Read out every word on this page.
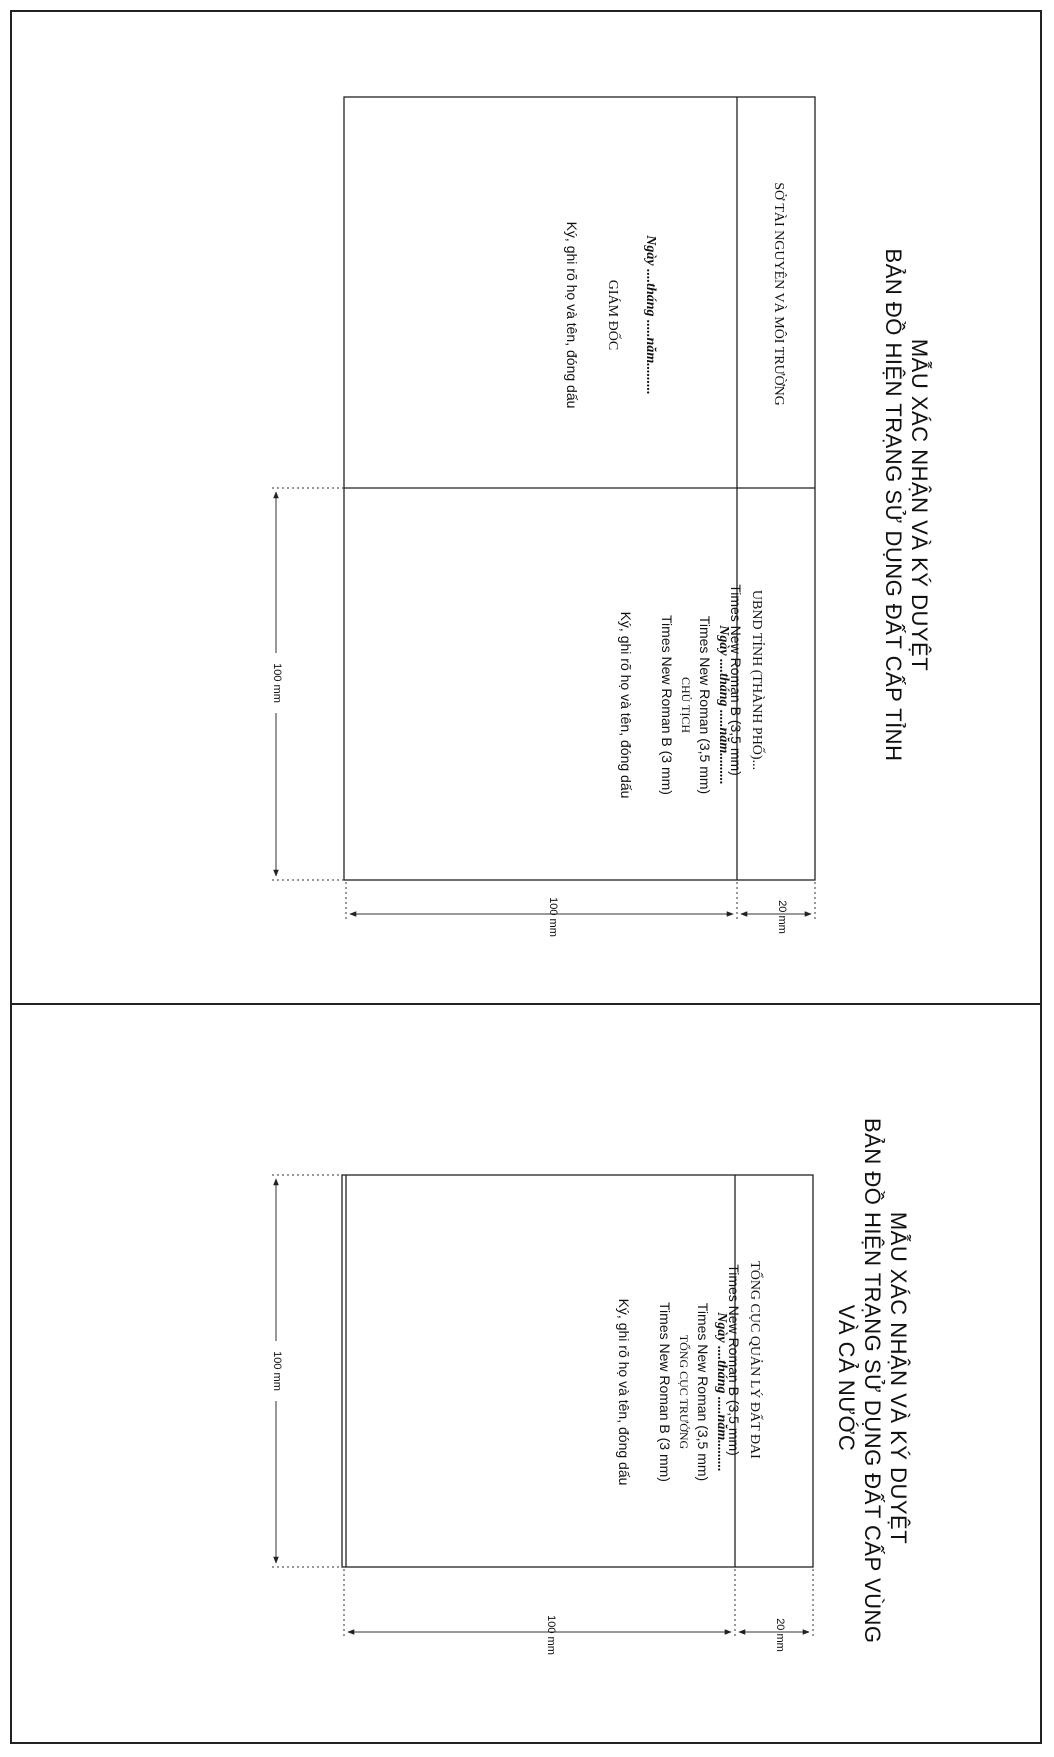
MẪU XÁC NHẬN VÀ KÝ DUYỆT
BẢN ĐỒ HIỆN TRẠNG SỬ DỤNG ĐẤT CẤP TỈNH
SỞ TÀI NGUYÊN VÀ MÔI TRƯỜNG
Ngày ....tháng .....năm.........
GIÁM ĐỐC
Ký, ghi rõ họ và tên, đóng dấu
UBND TỈNH (THÀNH PHỐ)...
Times New Roman B (3,5 mm)
Ngày ....tháng .....năm.........
Times New Roman (3,5 mm)
CHỦ TỊCH
Times New Roman B (3 mm)
Ký, ghi rõ họ và tên, đóng dấu
100 mm
100 mm	20 mm
MẪU XÁC NHẬN VÀ KÝ DUYỆT
BẢN ĐỒ HIỆN TRẠNG SỬ DỤNG ĐẤT CẤP VÙNG
VÀ CẢ NƯỚC
TỔNG CỤC QUẢN LÝ ĐẤT ĐAI
Times New Roman B (3,5 mm)
Ngày ....tháng .....năm.........
Times New Roman (3,5 mm)
TỔNG CỤC TRƯỞNG
Times New Roman B (3 mm)
Ký, ghi rõ họ và tên, đóng dấu
100 mm
100 mm	20 mm
